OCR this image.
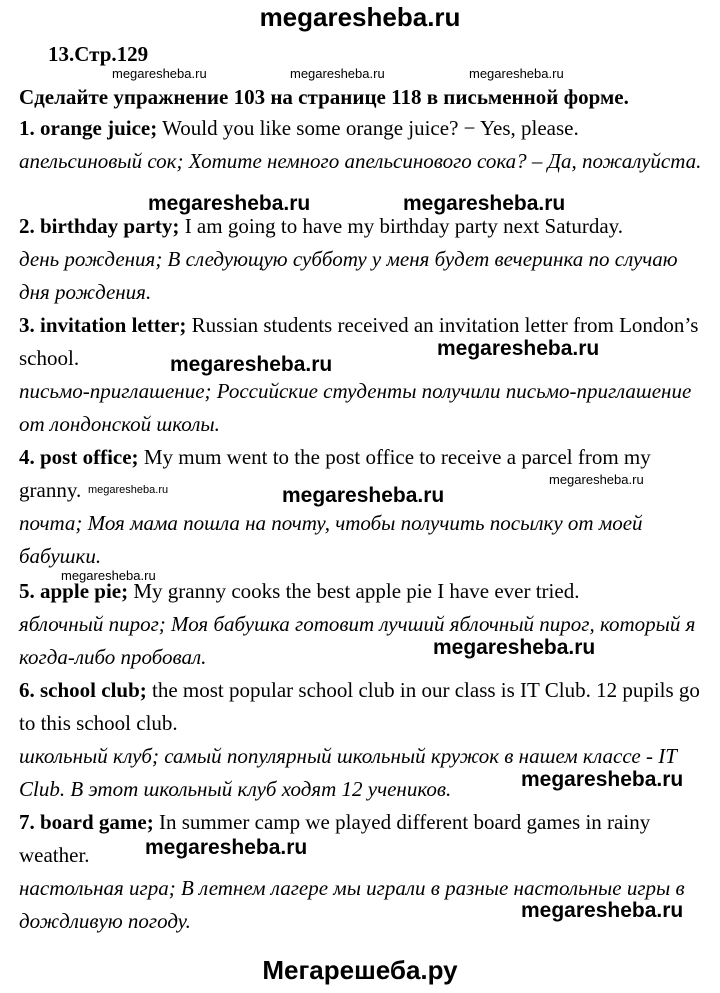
megaresheba.ru
13.Стр.129
Сделайте упражнение 103 на странице 118 в письменной форме.
1. orange juice; Would you like some orange juice? − Yes, please.
апельсиновый сок; Хотите немного апельсинового сока? – Да, пожалуйста.
2. birthday party; I am going to have my birthday party next Saturday.
день рождения; В следующую субботу у меня будет вечеринка по случаю дня рождения.
3. invitation letter; Russian students received an invitation letter from London’s school.
письмо-приглашение; Российские студенты получили письмо-приглашение от лондонской школы.
4. post office; My mum went to the post office to receive a parcel from my granny.
почта; Моя мама пошла на почту, чтобы получить посылку от моей бабушки.
5. apple pie; My granny cooks the best apple pie I have ever tried.
яблочный пирог; Моя бабушка готовит лучший яблочный пирог, который я когда-либо пробовал.
6. school club; the most popular school club in our class is IT Club. 12 pupils go to this school club.
школьный клуб; самый популярный школьный кружок в нашем классе - IT Club. В этот школьный клуб ходят 12 учеников.
7. board game; In summer camp we played different board games in rainy weather.
настольная игра; В летнем лагере мы играли в разные настольные игры в дождливую погоду.
megaresheba.ru	megaresheba.ru	megaresheba.ru
megaresheba.ru	megaresheba.ru
megaresheba.ru
megaresheba.ru
megaresheba.ru	megaresheba.ru
megaresheba.ru
megaresheba.ru
megaresheba.ru
megaresheba.ru
megaresheba.ru
megaresheba.ru
Мегарешеба.ру
